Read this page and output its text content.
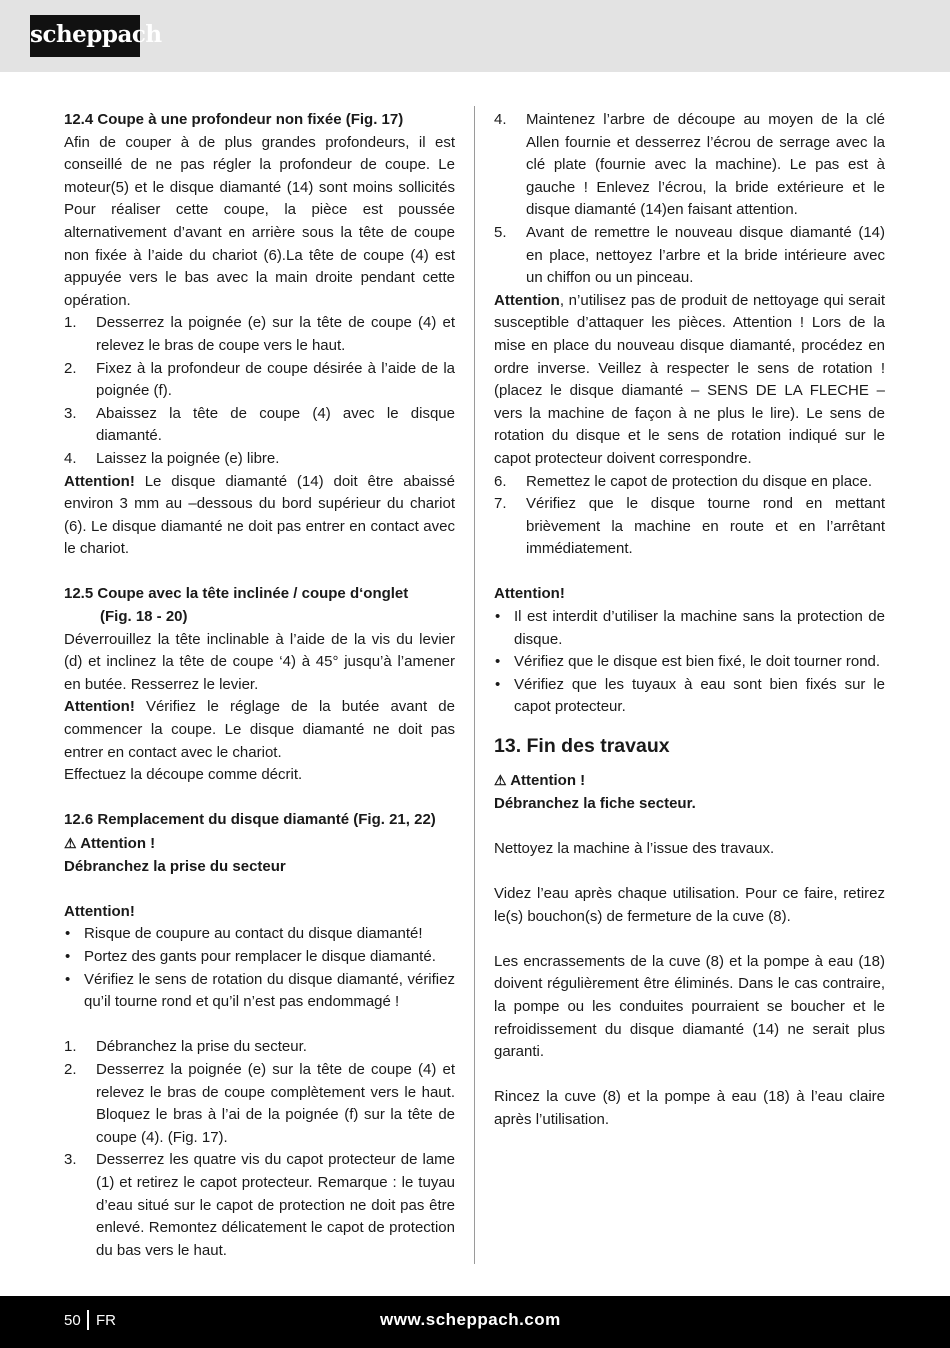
scheppach

12.4 Coupe à une profondeur non fixée (Fig. 17)

Afin de couper à de plus grandes profondeurs, il est conseillé de ne pas régler la profondeur de coupe. Le moteur(5) et le disque diamanté (14) sont moins sollicités Pour réaliser cette coupe, la pièce est poussée alternativement d’avant en arrière sous la tête de coupe non fixée à l’aide du chariot (6).La tête de coupe (4) est appuyée vers le bas avec la main droite pendant cette opération.

1. Desserrez la poignée (e) sur la tête de coupe (4) et relevez le bras de coupe vers le haut.
2. Fixez à la profondeur de coupe désirée à l’aide de la poignée (f).
3. Abaissez la tête de coupe (4) avec le disque diamanté.
4. Laissez la poignée (e) libre.

Attention! Le disque diamanté (14) doit être abaissé environ 3 mm au –dessous du bord supérieur du chariot (6). Le disque diamanté ne doit pas entrer en contact avec le chariot.

12.5 Coupe avec la tête inclinée / coupe d‘onglet

(Fig. 18 - 20)

Déverrouillez la tête inclinable à l’aide de la vis du levier (d) et inclinez la tête de coupe ‘4) à 45° jusqu’à l’amener en butée. Resserrez le levier.

Attention! Vérifiez le réglage de la butée avant de commencer la coupe. Le disque diamanté ne doit pas entrer en contact avec le chariot.

Effectuez la découpe comme décrit.

12.6 Remplacement du disque diamanté (Fig. 21, 22)

⚠ Attention !

Débranchez la prise du secteur

Attention!

• Risque de coupure au contact du disque diamanté!
• Portez des gants pour remplacer le disque diamanté.
• Vérifiez le sens de rotation du disque diamanté, vérifiez qu’il tourne rond et qu’il n’est pas endommagé !
1. Débranchez la prise du secteur.
2. Desserrez la poignée (e) sur la tête de coupe (4) et relevez le bras de coupe complètement vers le haut. Bloquez le bras à l’ai de la poignée (f) sur la tête de coupe (4). (Fig. 17).
3. Desserrez les quatre vis du capot protecteur de lame (1) et retirez le capot protecteur. Remarque : le tuyau d’eau situé sur le capot de protection ne doit pas être enlevé. Remontez délicatement le capot de protection du bas vers le haut.
4. Maintenez l’arbre de découpe au moyen de la clé Allen fournie et desserrez l’écrou de serrage avec la clé plate (fournie avec la machine). Le pas est à gauche ! Enlevez l’écrou, la bride extérieure et le disque diamanté (14)en faisant attention.
5. Avant de remettre le nouveau disque diamanté (14) en place, nettoyez l’arbre et la bride intérieure avec un chiffon ou un pinceau.

Attention, n’utilisez pas de produit de nettoyage qui serait susceptible d’attaquer les pièces. Attention ! Lors de la mise en place du nouveau disque diamanté, procédez en ordre inverse. Veillez à respecter le sens de rotation ! (placez le disque diamanté – SENS DE LA FLECHE – vers la machine de façon à ne plus le lire). Le sens de rotation du disque et le sens de rotation indiqué sur le capot protecteur doivent correspondre.

6. Remettez le capot de protection du disque en place.
7. Vérifiez que le disque tourne rond en mettant brièvement la machine en route et en l’arrêtant immédiatement.

Attention!

• Il est interdit d’utiliser la machine sans la protection de disque.
• Vérifiez que le disque est bien fixé, le doit tourner rond.
• Vérifiez que les tuyaux à eau sont bien fixés sur le capot protecteur.

13. Fin des travaux

⚠ Attention !

Débranchez la fiche secteur.

Nettoyez la machine à l’issue des travaux.

Videz l’eau après chaque utilisation. Pour ce faire, retirez le(s) bouchon(s) de fermeture de la cuve (8).

Les encrassements de la cuve (8) et la pompe à eau (18) doivent régulièrement être éliminés. Dans le cas contraire, la pompe ou les conduites pourraient se boucher et le refroidissement du disque diamanté (14) ne serait plus garanti.

Rincez la cuve (8) et la pompe à eau (18) à l’eau claire après l’utilisation.

50 FR	www.scheppach.com
